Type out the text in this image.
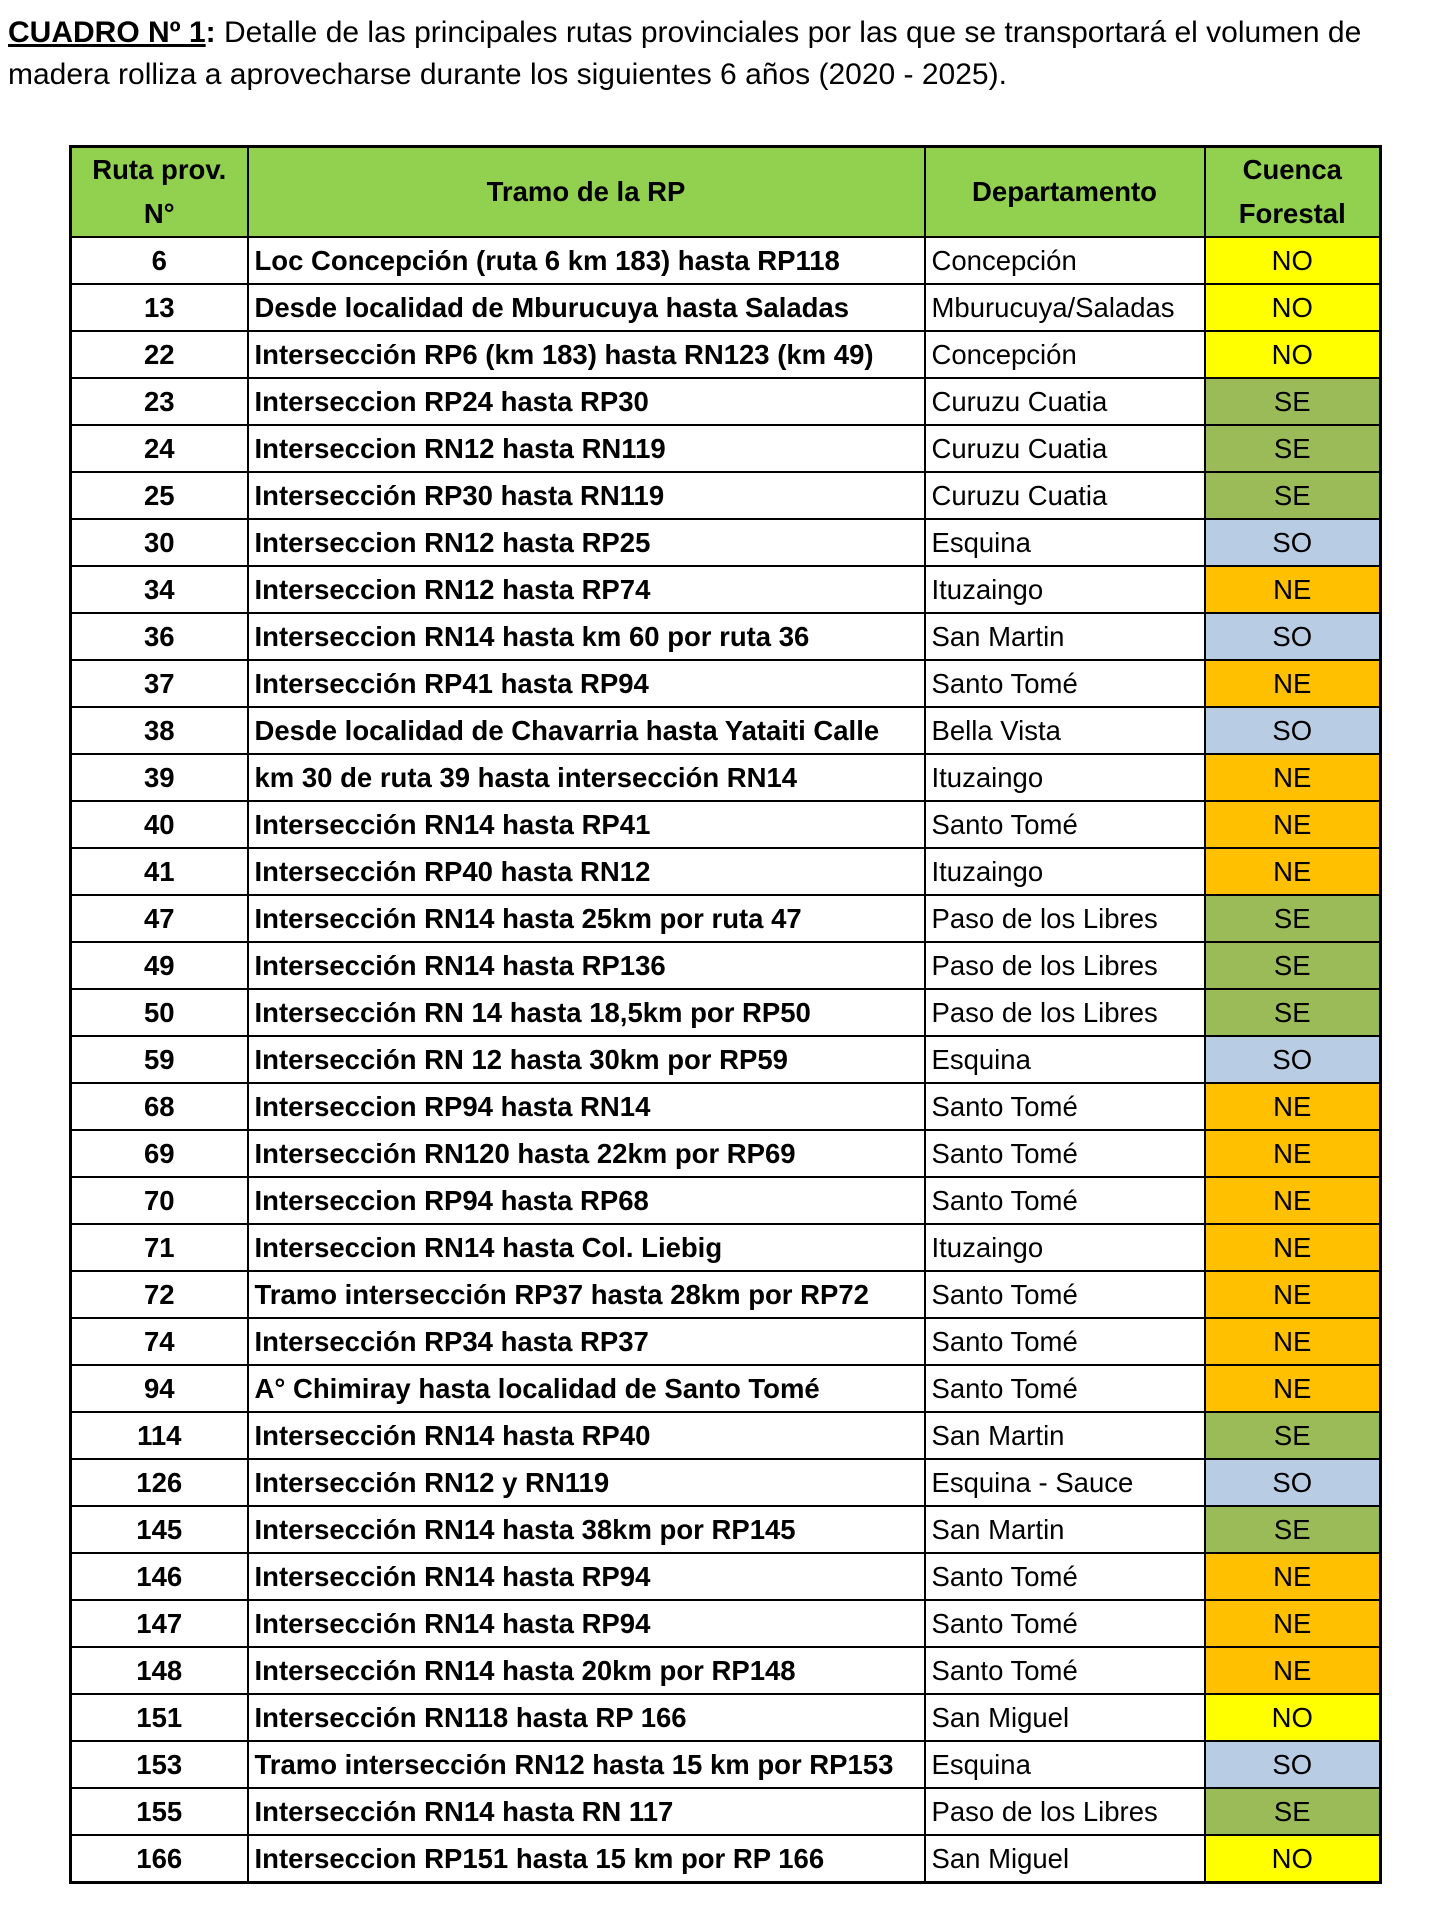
CUADRO Nº 1: Detalle de las principales rutas provinciales por las que se transportará el volumen de madera rolliza a aprovecharse durante los siguientes 6 años (2020 - 2025).
Ruta prov. N°	Tramo de la RP	Departamento	Cuenca Forestal
6	Loc Concepción (ruta 6 km 183) hasta RP118	Concepción	NO
13	Desde localidad de Mburucuya hasta Saladas	Mburucuya/Saladas	NO
22	Intersección RP6 (km 183) hasta RN123 (km 49)	Concepción	NO
23	Interseccion RP24 hasta RP30	Curuzu Cuatia	SE
24	Interseccion RN12 hasta RN119	Curuzu Cuatia	SE
25	Intersección RP30 hasta RN119	Curuzu Cuatia	SE
30	Interseccion RN12 hasta RP25	Esquina	SO
34	Interseccion RN12 hasta RP74	Ituzaingo	NE
36	Interseccion RN14 hasta km 60 por ruta 36	San Martin	SO
37	Intersección RP41 hasta RP94	Santo Tomé	NE
38	Desde localidad de Chavarria hasta Yataiti Calle	Bella Vista	SO
39	km 30 de ruta 39 hasta intersección RN14	Ituzaingo	NE
40	Intersección RN14 hasta RP41	Santo Tomé	NE
41	Intersección RP40 hasta RN12	Ituzaingo	NE
47	Intersección RN14 hasta 25km por ruta 47	Paso de los Libres	SE
49	Intersección RN14 hasta RP136	Paso de los Libres	SE
50	Intersección RN 14 hasta 18,5km por RP50	Paso de los Libres	SE
59	Intersección RN 12 hasta 30km por RP59	Esquina	SO
68	Interseccion RP94 hasta RN14	Santo Tomé	NE
69	Intersección RN120 hasta 22km por RP69	Santo Tomé	NE
70	Interseccion RP94 hasta RP68	Santo Tomé	NE
71	Interseccion RN14 hasta Col. Liebig	Ituzaingo	NE
72	Tramo intersección RP37 hasta 28km por RP72	Santo Tomé	NE
74	Intersección RP34 hasta RP37	Santo Tomé	NE
94	A° Chimiray hasta localidad de Santo Tomé	Santo Tomé	NE
114	Intersección RN14 hasta RP40	San Martin	SE
126	Intersección RN12 y RN119	Esquina - Sauce	SO
145	Intersección RN14 hasta 38km por RP145	San Martin	SE
146	Intersección RN14 hasta RP94	Santo Tomé	NE
147	Intersección RN14 hasta RP94	Santo Tomé	NE
148	Intersección RN14 hasta 20km por RP148	Santo Tomé	NE
151	Intersección RN118 hasta RP 166	San Miguel	NO
153	Tramo intersección RN12 hasta 15 km por RP153	Esquina	SO
155	Intersección RN14 hasta RN 117	Paso de los Libres	SE
166	Interseccion RP151 hasta 15 km por RP 166	San Miguel	NO
